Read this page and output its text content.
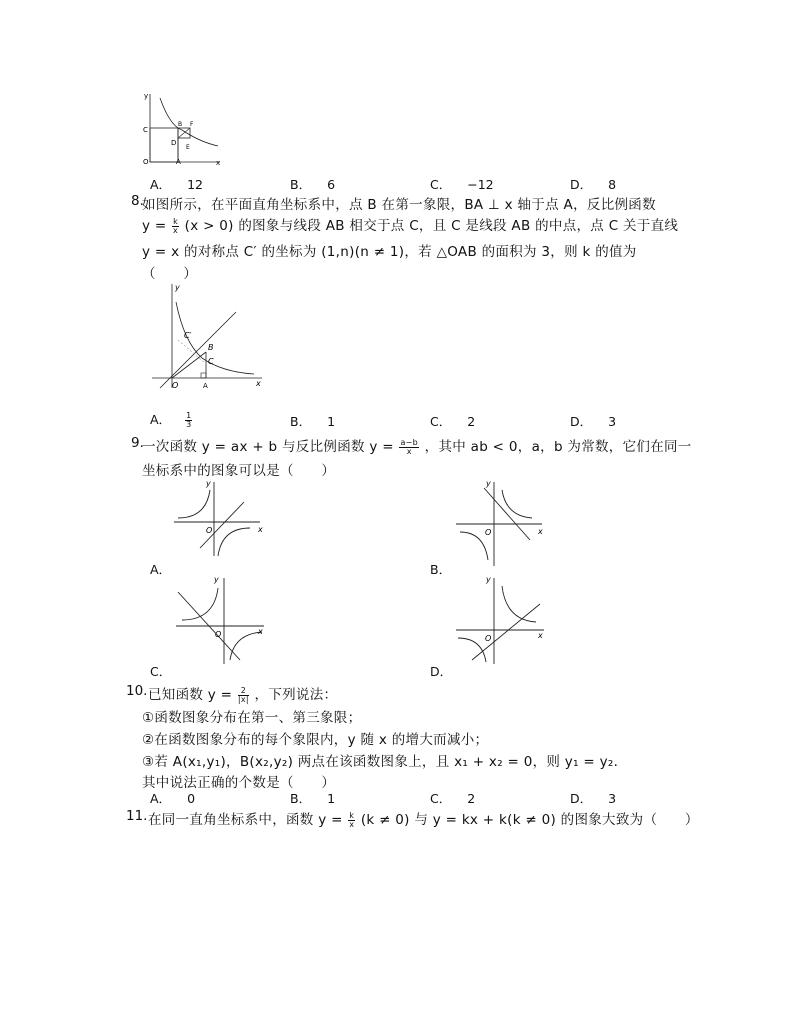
y
x
O
C
A
B F
D
E
A． 12	B． 6	C． −12	D． 8
8.
如图所示，在平面直角坐标系中，点 B 在第一象限，BA ⊥ x 轴于点 A，反比例函数
$y = \frac{k}{x} (x > 0)$ 的图象与线段 AB 相交于点 C，且 C 是线段 AB 的中点，点 C 关于直线
y = x 的对称点 C′ 的坐标为 (1,n)(n ≠ 1)，若 △OAB 的面积为 3，则 k 的值为
（　　）
y
x
O	A
B
C
C′
A． $\frac{1}{3}$	B． 1	C． 2	D． 3
9.
一次函数 y = ax + b 与反比例函数 $y = \frac{a-b}{x}$ ，其中 ab < 0，a，b 为常数，它们在同一
坐标系中的图象可以是（　　）
y
x
O
y
x
O
A．	B．
y
x
O
y
x
O
C．	D．
10. 已知函数 $y = \frac{2}{|x|}$ ，下列说法：
①函数图象分布在第一、第三象限；
②在函数图象分布的每个象限内，y 随 x 的增大而减小；
③若 A(x₁,y₁)，B(x₂,y₂) 两点在该函数图象上，且 x₁ + x₂ = 0，则 y₁ = y₂．
其中说法正确的个数是（　　）
A． 0	B． 1	C． 2	D． 3
11. 在同一直角坐标系中，函数 $y = \frac{k}{x} (k \ne 0)$ 与 y = kx + k(k ≠ 0) 的图象大致为（　　）
